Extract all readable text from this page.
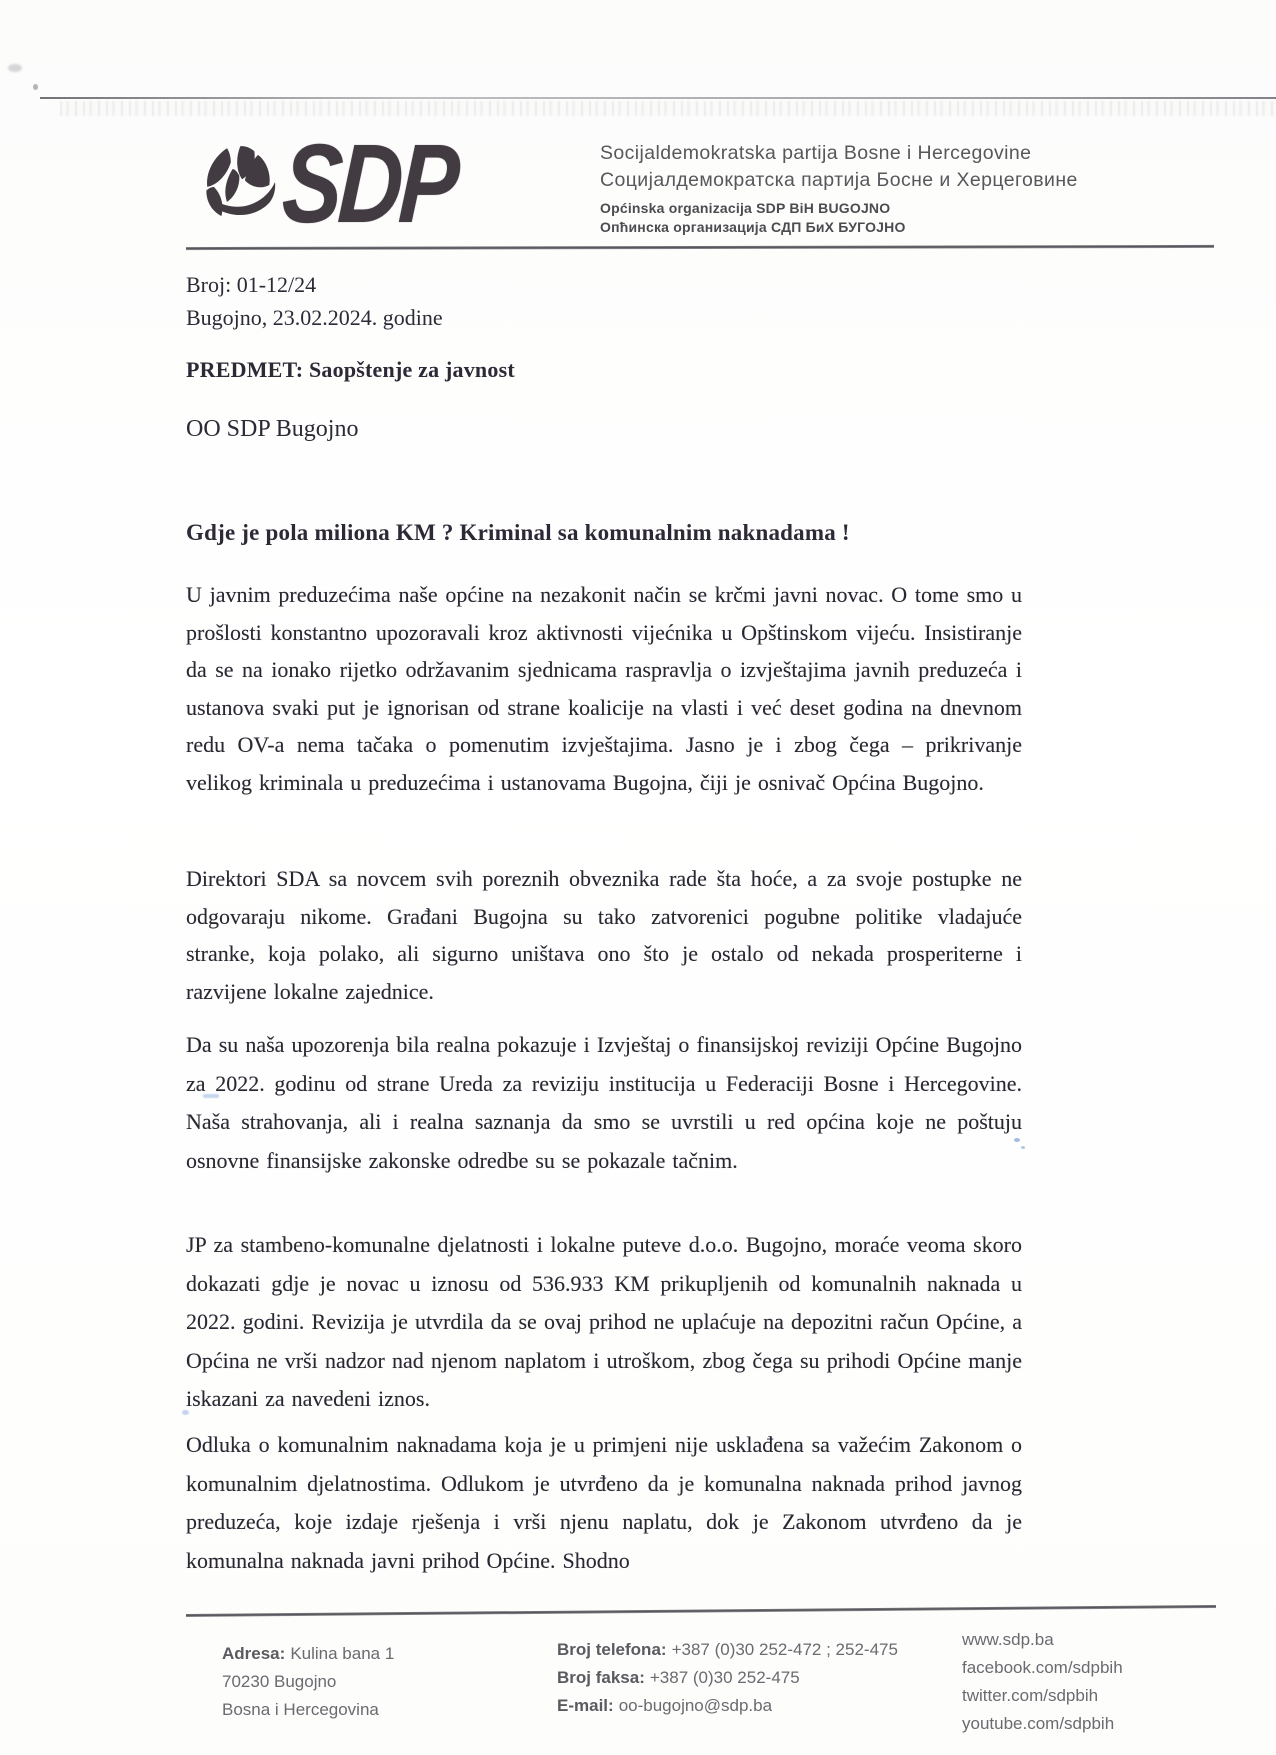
SDP	Socijaldemokratska partija Bosne i Hercegovine
Социјалдемократска партија Босне и Херцеговине
Općinska organizacija SDP BiH BUGOJNO
Опћинска организација СДП БиХ БУГОЈНО
Broj: 01-12/24
Bugojno, 23.02.2024. godine
PREDMET: Saopštenje za javnost
OO SDP Bugojno
Gdje je pola miliona KM ? Kriminal sa komunalnim naknadama !

U javnim preduzećima naše općine na nezakonit način se krčmi javni novac. O tome smo u prošlosti konstantno upozoravali kroz aktivnosti vijećnika u Opštinskom vijeću. Insistiranje da se na ionako rijetko održavanim sjednicama raspravlja o izvještajima javnih preduzeća i ustanova svaki put je ignorisan od strane koalicije na vlasti i već deset godina na dnevnom redu OV-a nema tačaka o pomenutim izvještajima. Jasno je i zbog čega – prikrivanje velikog kriminala u preduzećima i ustanovama Bugojna, čiji je osnivač Općina Bugojno.

Direktori SDA sa novcem svih poreznih obveznika rade šta hoće, a za svoje postupke ne odgovaraju nikome. Građani Bugojna su tako zatvorenici pogubne politike vladajuće stranke, koja polako, ali sigurno uništava ono što je ostalo od nekada prosperiterne i razvijene lokalne zajednice.

Da su naša upozorenja bila realna pokazuje i Izvještaj o finansijskoj reviziji Općine Bugojno za 2022. godinu od strane Ureda za reviziju institucija u Federaciji Bosne i Hercegovine. Naša strahovanja, ali i realna saznanja da smo se uvrstili u red općina koje ne poštuju osnovne finansijske zakonske odredbe su se pokazale tačnim.

JP za stambeno-komunalne djelatnosti i lokalne puteve d.o.o. Bugojno, moraće veoma skoro dokazati gdje je novac u iznosu od 536.933 KM prikupljenih od komunalnih naknada u 2022. godini. Revizija je utvrdila da se ovaj prihod ne uplaćuje na depozitni račun Općine, a Općina ne vrši nadzor nad njenom naplatom i utroškom, zbog čega su prihodi Općine manje iskazani za navedeni iznos.

Odluka o komunalnim naknadama koja je u primjeni nije usklađena sa važećim Zakonom o komunalnim djelatnostima. Odlukom je utvrđeno da je komunalna naknada prihod javnog preduzeća, koje izdaje rješenja i vrši njenu naplatu, dok je Zakonom utvrđeno da je komunalna naknada javni prihod Općine. Shodno

Adresa: Kulina bana 1
70230 Bugojno
Bosna i Hercegovina
Broj telefona: +387 (0)30 252-472 ; 252-475
Broj faksa: +387 (0)30 252-475
E-mail: oo-bugojno@sdp.ba
www.sdp.ba
facebook.com/sdpbih
twitter.com/sdpbih
youtube.com/sdpbih
